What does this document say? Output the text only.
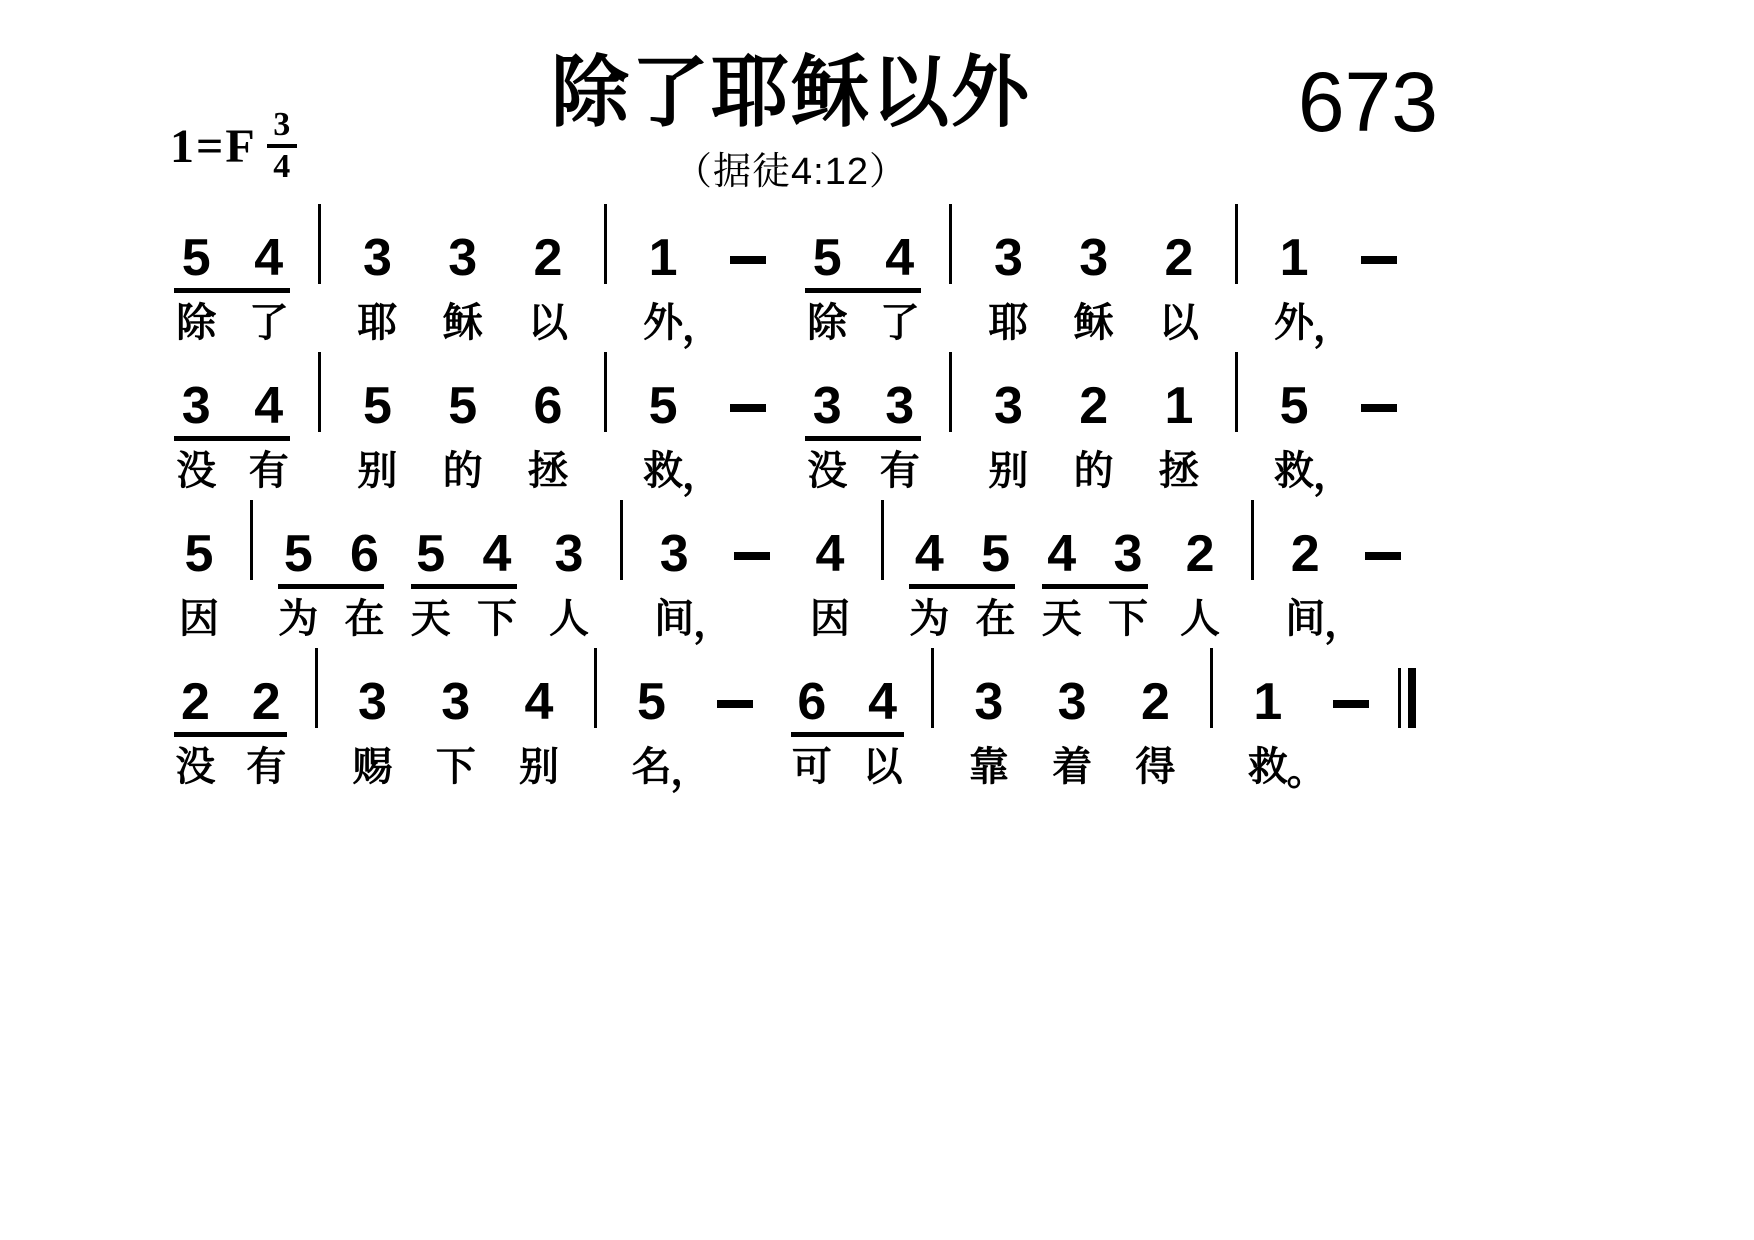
$1=F \frac{3}{4}$
除了耶稣以外
（据徒4:12）
673
5 4
除 了
3
耶
3
稣
2
以
1
外
，
5 4
除 了
3
耶
3
稣
2
以
1
外
，
3 4
没 有
5
别
5
的
6
拯
5
救
，
3 3
没 有
3
别
2
的
1
拯
5
救
，
5
因
5 6
为 在
5 4
天 下
3
人
3
间
，
4
因
4 5
为 在
4 3
天 下
2
人
2
间
，
2 2
没 有
3
赐
3
下
4
别
5
名
，
6 4
可 以
3
靠
3
着
2
得
1
救
。
